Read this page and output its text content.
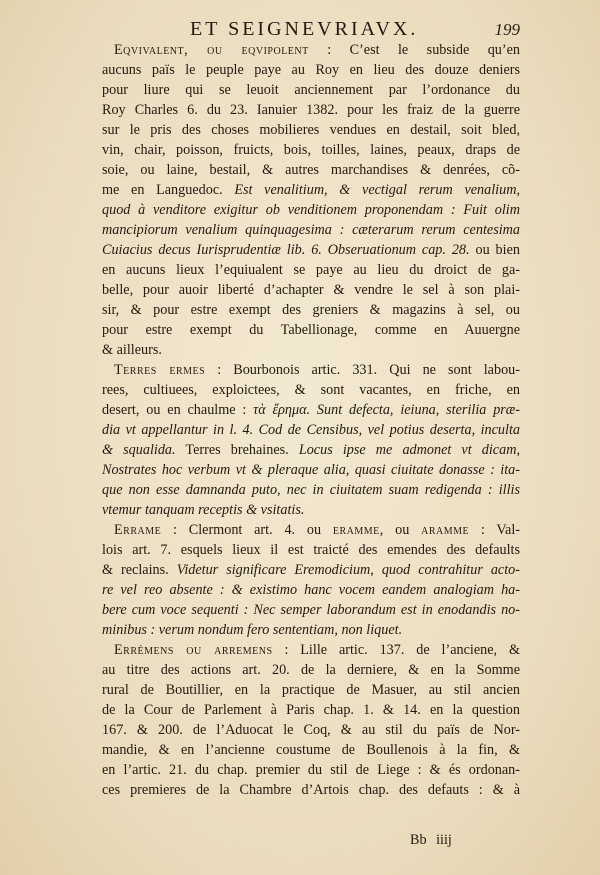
ET SEIGNEVRIAVX.	199
Eqvivalent, ou eqvipolent : C’est le subside qu’en
aucuns païs le peuple paye au Roy en lieu des douze deniers
pour liure qui se leuoit anciennement par l’ordonance du
Roy Charles 6. du 23. Ianuier 1382. pour les fraiz de la guerre
sur le pris des choses mobilieres vendues en destail, soit bled,
vin, chair, poisson, fruicts, bois, toilles, laines, peaux, draps de
soie, ou laine, bestail, & autres marchandises & denrées, cõ-
me en Languedoc. Est venalitium, & vectigal rerum venalium,
quod à venditore exigitur ob venditionem proponendam : Fuit olim
mancipiorum venalium quinquagesima : cæterarum rerum centesima
Cuiacius decus Iurisprudentiæ lib. 6. Obseruationum cap. 28. ou bien
en aucuns lieux l’equiualent se paye au lieu du droict de ga-
belle, pour auoir liberté d’achapter & vendre le sel à son plai-
sir, & pour estre exempt des greniers & magazins à sel, ou
pour estre exempt du Tabellionage, comme en Auuergne
& ailleurs.
Terres ermes : Bourbonois artic. 331. Qui ne sont labou-
rees, cultiuees, exploictees, & sont vacantes, en friche, en
desert, ou en chaulme : τὰ ἔρημα. Sunt defecta, ieiuna, sterilia præ-
dia vt appellantur in l. 4. Cod de Censibus, vel potius deserta, inculta
& squalida. Terres brehaines. Locus ipse me admonet vt dicam,
Nostrates hoc verbum vt & pleraque alia, quasi ciuitate donasse : ita-
que non esse damnanda puto, nec in ciuitatem suam redigenda : illis
vtemur tanquam receptis & vsitatis.
Errame : Clermont art. 4. ou eramme, ou aramme : Val-
lois art. 7. esquels lieux il est traicté des emendes des defaults
& reclains. Videtur significare Eremodicium, quod contrahitur acto-
re vel reo absente : & existimo hanc vocem eandem analogiam ha-
bere cum voce sequenti : Nec semper laborandum est in enodandis no-
minibus : verum nondum fero sententiam, non liquet.
Errémens ou arremens : Lille artic. 137. de l’anciene, &
au titre des actions art. 20. de la derniere, & en la Somme
rural de Boutillier, en la practique de Masuer, au stil ancien
de la Cour de Parlement à Paris chap. 1. & 14. en la question
167. & 200. de l’Aduocat le Coq, & au stil du païs de Nor-
mandie, & en l’ancienne coustume de Boullenois à la fin, &
en l’artic. 21. du chap. premier du stil de Liege : & és ordonan-
ces premieres de la Chambre d’Artois chap. des defauts : & à
Bb iiij
